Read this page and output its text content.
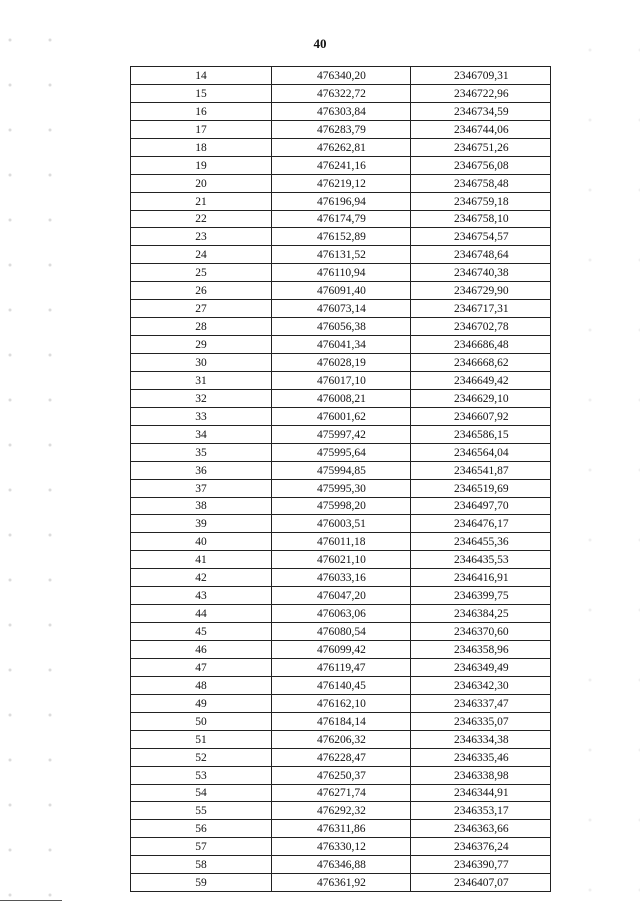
40
14	476340,20	2346709,31
15	476322,72	2346722,96
16	476303,84	2346734,59
17	476283,79	2346744,06
18	476262,81	2346751,26
19	476241,16	2346756,08
20	476219,12	2346758,48
21	476196,94	2346759,18
22	476174,79	2346758,10
23	476152,89	2346754,57
24	476131,52	2346748,64
25	476110,94	2346740,38
26	476091,40	2346729,90
27	476073,14	2346717,31
28	476056,38	2346702,78
29	476041,34	2346686,48
30	476028,19	2346668,62
31	476017,10	2346649,42
32	476008,21	2346629,10
33	476001,62	2346607,92
34	475997,42	2346586,15
35	475995,64	2346564,04
36	475994,85	2346541,87
37	475995,30	2346519,69
38	475998,20	2346497,70
39	476003,51	2346476,17
40	476011,18	2346455,36
41	476021,10	2346435,53
42	476033,16	2346416,91
43	476047,20	2346399,75
44	476063,06	2346384,25
45	476080,54	2346370,60
46	476099,42	2346358,96
47	476119,47	2346349,49
48	476140,45	2346342,30
49	476162,10	2346337,47
50	476184,14	2346335,07
51	476206,32	2346334,38
52	476228,47	2346335,46
53	476250,37	2346338,98
54	476271,74	2346344,91
55	476292,32	2346353,17
56	476311,86	2346363,66
57	476330,12	2346376,24
58	476346,88	2346390,77
59	476361,92	2346407,07
